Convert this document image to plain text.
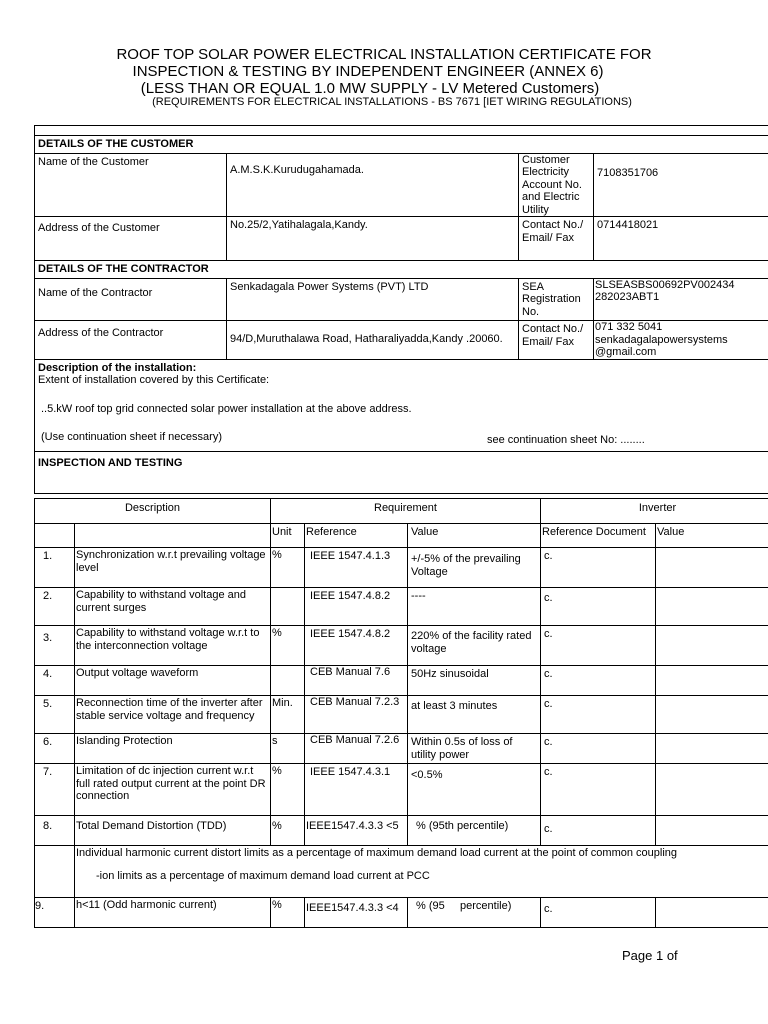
ROOF TOP SOLAR POWER ELECTRICAL INSTALLATION CERTIFICATE FOR
INSPECTION & TESTING BY INDEPENDENT ENGINEER (ANNEX 6)
(LESS THAN OR EQUAL 1.0 MW SUPPLY - LV Metered Customers)
(REQUIREMENTS FOR ELECTRICAL INSTALLATIONS - BS 7671 [IET WIRING REGULATIONS)

DETAILS OF THE CUSTOMER			
Name of the Customer	A.M.S.K.Kurudugahamada.	Customer Electricity Account No. and Electric Utility	7108351706
Address of the Customer	No.25/2,Yatihalagala,Kandy.	Contact No./ Email/ Fax	0714418021
DETAILS OF THE CONTRACTOR			
Name of the Contractor	Senkadagala Power Systems (PVT) LTD	SEA Registration No.	SLSEASBS00692PV002434 282023ABT1
Address of the Contractor	94/D,Muruthalawa Road, Hatharaliyadda,Kandy .20060.	Contact No./ Email/ Fax	071 332 5041
senkadagalapowersystems @gmail.com

Description of the installation:
Extent of installation covered by this Certificate:
..5.kW roof top grid connected solar power installation at the above address.
(Use continuation sheet if necessary) see continuation sheet No: ........			

INSPECTION AND TESTING			
Description		Requirement			Inverter	
		Unit	Reference	Value	Reference Document	Value
1.	Synchronization w.r.t prevailing voltage level	%	IEEE 1547.4.1.3	+/-5% of the prevailing Voltage	c.	
2.	Capability to withstand voltage and current surges		IEEE 1547.4.8.2	----	c.	
3.	Capability to withstand voltage w.r.t to the interconnection voltage	%	IEEE 1547.4.8.2	220% of the facility rated voltage	c.	
4.	Output voltage waveform		CEB Manual 7.6	50Hz sinusoidal	c.	
5.	Reconnection time of the inverter after stable service voltage and frequency	Min.	CEB Manual 7.2.3	at least 3 minutes	c.	
6.	Islanding Protection	s	CEB Manual 7.2.6	Within 0.5s of loss of utility power	c.	
7.	Limitation of dc injection current w.r.t full rated output current at the point DR connection	%	IEEE 1547.4.3.1	<0.5%	c.	
8.	Total Demand Distortion (TDD)	%	IEEE1547.4.3.3 <5	% (95th percentile)	c.	

	Individual harmonic current distort limits as a percentage of maximum demand load current at the point of common coupling
-ion limits as a percentage of maximum demand load current at PCC					

9.	h<11 (Odd harmonic current)	%	IEEE1547.4.3.3 <4	% (95     percentile)	c.	
Page 1 of
